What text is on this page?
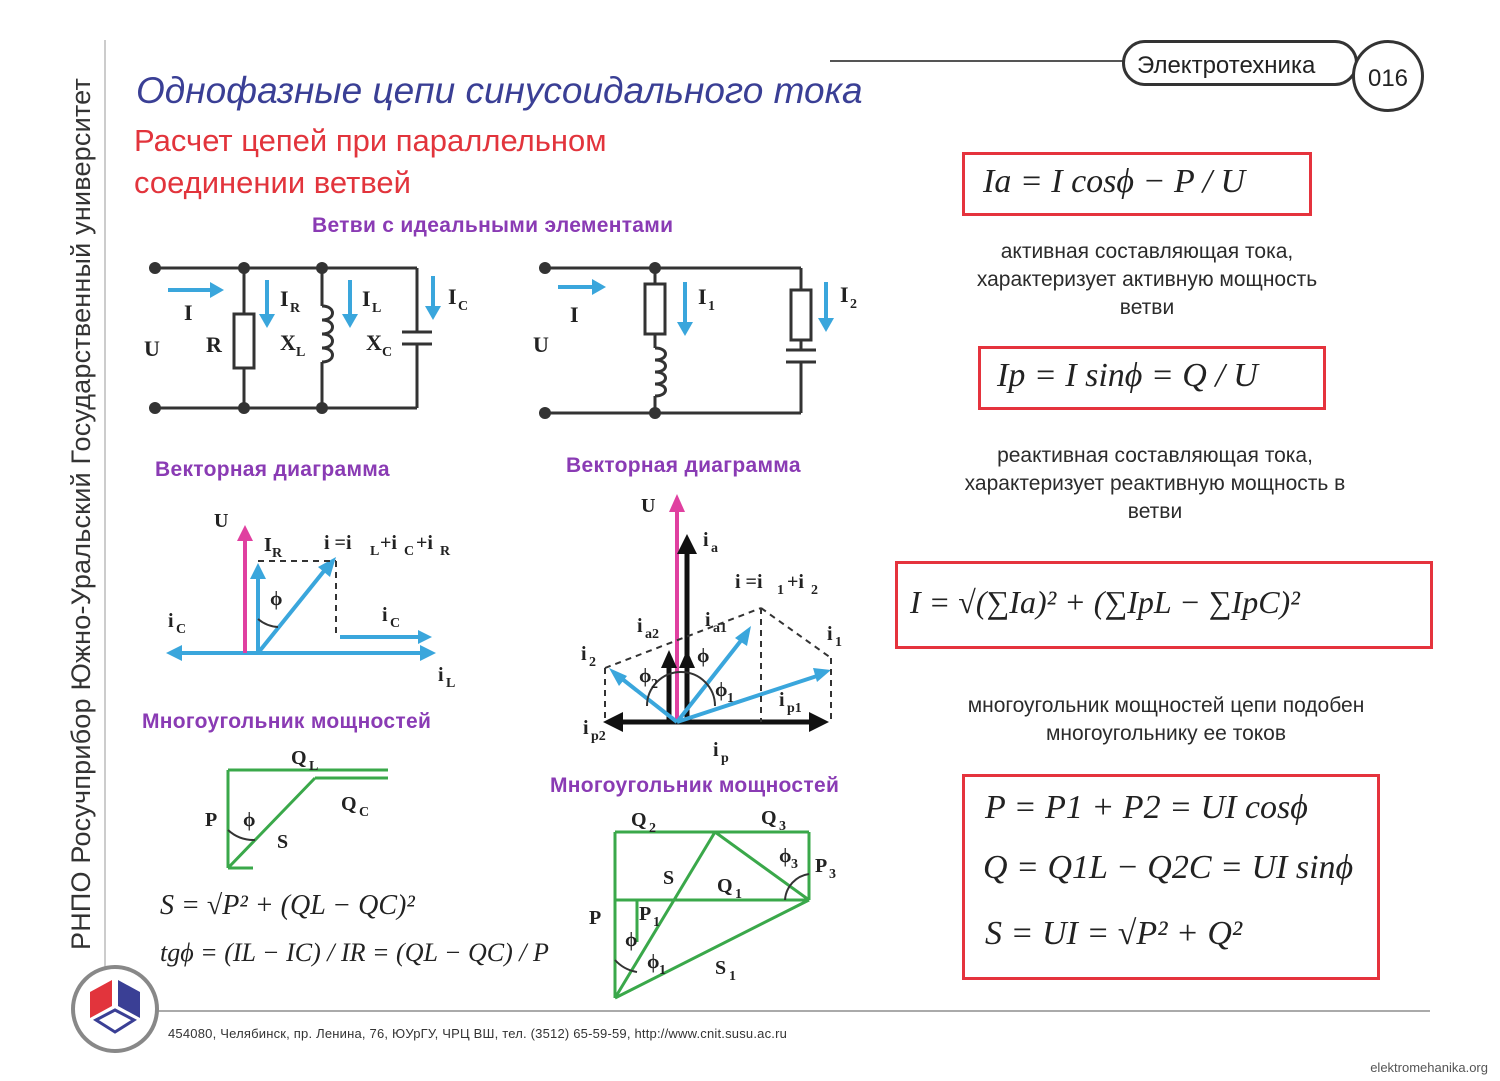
РНПО Росучприбор Южно-Уральский Государственный университет
Электротехника	016
Однофазные цепи синусоидального тока
Расчет цепей при параллельном соединении ветвей
Ветви с идеальными элементами
Векторная диаграмма	Векторная диаграмма
Многоугольник мощностей
Многоугольник мощностей
U
I
I R	I L	I C
R	X L	X C	U
I
I 1	I 2
U
I R i =i L +i C +i R
ϕ
i C
i C
i L
U
i a
i =i 1 +i 2
i a2
i a1
i 2
i 1
ϕ
ϕ 2	ϕ 1 i p1
i p2
i p
Q L
Q C
P
S
ϕ	Q 2	Q 3
S Q 1
ϕ 3 P 3
P P 1
ϕ
ϕ 1 S 1
S = √P² + (QL − QC)²
tgϕ = (IL − IC) / IR = (QL − QC) / P
Ia = I cosϕ − P / U
активная составляющая тока, характеризует активную мощность ветви
Ip = I sinϕ = Q / U
реактивная составляющая тока, характеризует реактивную мощность в ветви
I = √(∑Ia)² + (∑IpL − ∑IpC)²
многоугольник мощностей цепи подобен многоугольнику ее токов
P = P1 + P2 = UI cosϕ
Q = Q1L − Q2C = UI sinϕ
S = UI = √P² + Q²
454080, Челябинск, пр. Ленина, 76, ЮУрГУ, ЧРЦ ВШ, тел. (3512) 65-59-59, http://www.cnit.susu.ac.ru
elektromehanika.org
